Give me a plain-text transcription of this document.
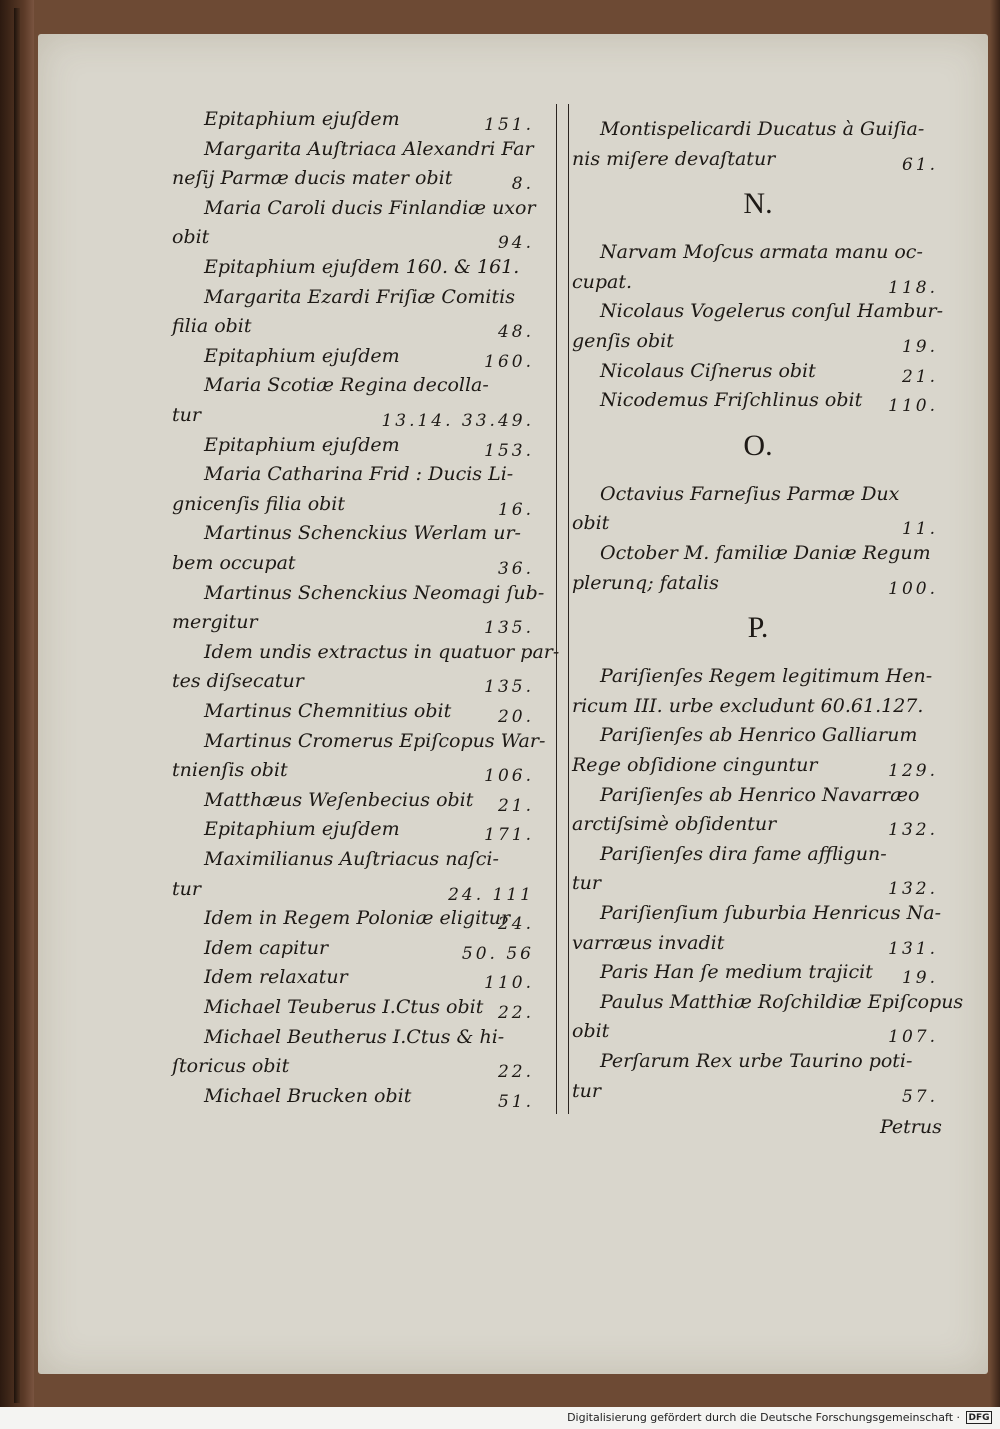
Epitaphium ejuſdem	151.
Margarita Auſtriaca Alexandri Far
neſij Parmæ ducis mater obit	8.
Maria Caroli ducis Finlandiæ uxor
obit	94.
Epitaphium ejuſdem 160. & 161.
Margarita Ezardi Friſiæ Comitis
filia obit	48.
Epitaphium ejuſdem	160.
Maria Scotiæ Regina decolla-
tur	13.14. 33.49.
Epitaphium ejuſdem	153.
Maria Catharina Frid : Ducis Li-
gnicenſis filia obit	16.
Martinus Schenckius Werlam ur-
bem occupat	36.
Martinus Schenckius Neomagi ſub-
mergitur	135.
Idem undis extractus in quatuor par-
tes diſsecatur	135.
Martinus Chemnitius obit	20.
Martinus Cromerus Epiſcopus War-
tnienſis obit	106.
Matthæus Weſenbecius obit 21.
Epitaphium ejuſdem	171.
Maximilianus Auſtriacus naſci-
tur	24. 111
Idem in Regem Poloniæ eligitur
24.
Idem capitur	50. 56
Idem relaxatur	110.
Michael Teuberus I.Ctus obit 22.
Michael Beutherus I.Ctus & hi-
ſtoricus obit	22.
Michael Brucken obit	51.
Montispelicardi Ducatus à Guiſia-
nis miſere devaſtatur	61.
N.
Narvam Moſcus armata manu oc-
cupat.	118.
Nicolaus Vogelerus conſul Hambur-
genſis obit	19.
Nicolaus Ciſnerus obit	21.
Nicodemus Friſchlinus obit 110.
O.
Octavius Farneſius Parmæ Dux
obit	11.
October M. familiæ Daniæ Regum
plerunq; fatalis	100.
P.
Pariſienſes Regem legitimum Hen-
ricum III. urbe excludunt 60.61.127.
Pariſienſes ab Henrico Galliarum
Rege obſidione cinguntur	129.
Pariſienſes ab Henrico Navarræo
arctiſsimè obſidentur	132.
Pariſienſes dira fame affligun-
tur	132.
Pariſienſium ſuburbia Henricus Na-
varræus invadit	131.
Paris Han ſe medium trajicit 19.
Paulus Matthiæ Roſchildiæ Epiſcopus
obit	107.
Perſarum Rex urbe Taurino poti-
tur	57.
Petrus
Digitalisierung gefördert durch die Deutsche Forschungsgemeinschaft · DFG
